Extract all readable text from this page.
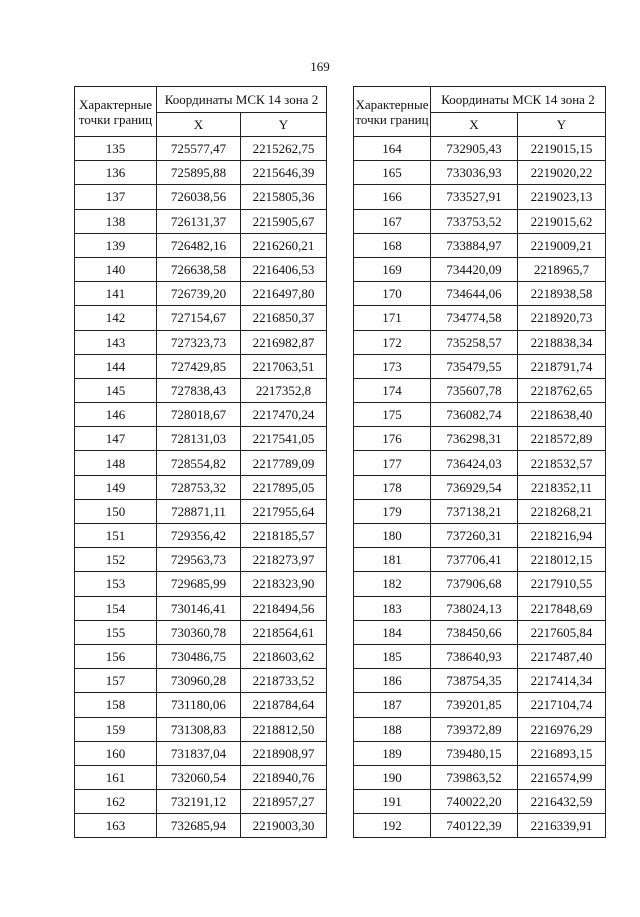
169
Характерные
точки границ	Координаты МСК 14 зона 2	
	X	Y
135	725577,47	2215262,75
136	725895,88	2215646,39
137	726038,56	2215805,36
138	726131,37	2215905,67
139	726482,16	2216260,21
140	726638,58	2216406,53
141	726739,20	2216497,80
142	727154,67	2216850,37
143	727323,73	2216982,87
144	727429,85	2217063,51
145	727838,43	2217352,8
146	728018,67	2217470,24
147	728131,03	2217541,05
148	728554,82	2217789,09
149	728753,32	2217895,05
150	728871,11	2217955,64
151	729356,42	2218185,57
152	729563,73	2218273,97
153	729685,99	2218323,90
154	730146,41	2218494,56
155	730360,78	2218564,61
156	730486,75	2218603,62
157	730960,28	2218733,52
158	731180,06	2218784,64
159	731308,83	2218812,50
160	731837,04	2218908,97
161	732060,54	2218940,76
162	732191,12	2218957,27
163	732685,94	2219003,30
Характерные
точки границ	Координаты МСК 14 зона 2	
	X	Y
164	732905,43	2219015,15
165	733036,93	2219020,22
166	733527,91	2219023,13
167	733753,52	2219015,62
168	733884,97	2219009,21
169	734420,09	2218965,7
170	734644,06	2218938,58
171	734774,58	2218920,73
172	735258,57	2218838,34
173	735479,55	2218791,74
174	735607,78	2218762,65
175	736082,74	2218638,40
176	736298,31	2218572,89
177	736424,03	2218532,57
178	736929,54	2218352,11
179	737138,21	2218268,21
180	737260,31	2218216,94
181	737706,41	2218012,15
182	737906,68	2217910,55
183	738024,13	2217848,69
184	738450,66	2217605,84
185	738640,93	2217487,40
186	738754,35	2217414,34
187	739201,85	2217104,74
188	739372,89	2216976,29
189	739480,15	2216893,15
190	739863,52	2216574,99
191	740022,20	2216432,59
192	740122,39	2216339,91
